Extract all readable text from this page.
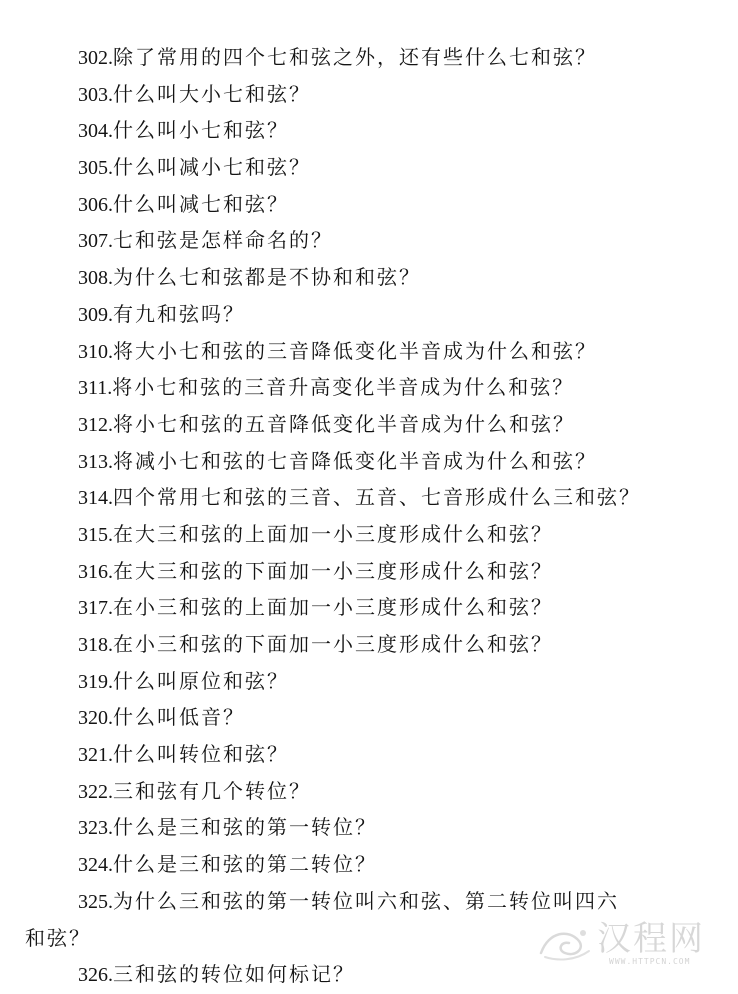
302.除了常用的四个七和弦之外，还有些什么七和弦？
303.什么叫大小七和弦？
304.什么叫小七和弦？
305.什么叫减小七和弦？
306.什么叫减七和弦？
307.七和弦是怎样命名的？
308.为什么七和弦都是不协和和弦？
309.有九和弦吗？
310.将大小七和弦的三音降低变化半音成为什么和弦？
311.将小七和弦的三音升高变化半音成为什么和弦？
312.将小七和弦的五音降低变化半音成为什么和弦？
313.将减小七和弦的七音降低变化半音成为什么和弦？
314.四个常用七和弦的三音、五音、七音形成什么三和弦？
315.在大三和弦的上面加一小三度形成什么和弦？
316.在大三和弦的下面加一小三度形成什么和弦？
317.在小三和弦的上面加一小三度形成什么和弦？
318.在小三和弦的下面加一小三度形成什么和弦？
319.什么叫原位和弦？
320.什么叫低音？
321.什么叫转位和弦？
322.三和弦有几个转位？
323.什么是三和弦的第一转位？
324.什么是三和弦的第二转位？
325.为什么三和弦的第一转位叫六和弦、第二转位叫四六
和弦？
326.三和弦的转位如何标记？
汉程网
WWW.HTTPCN.COM
